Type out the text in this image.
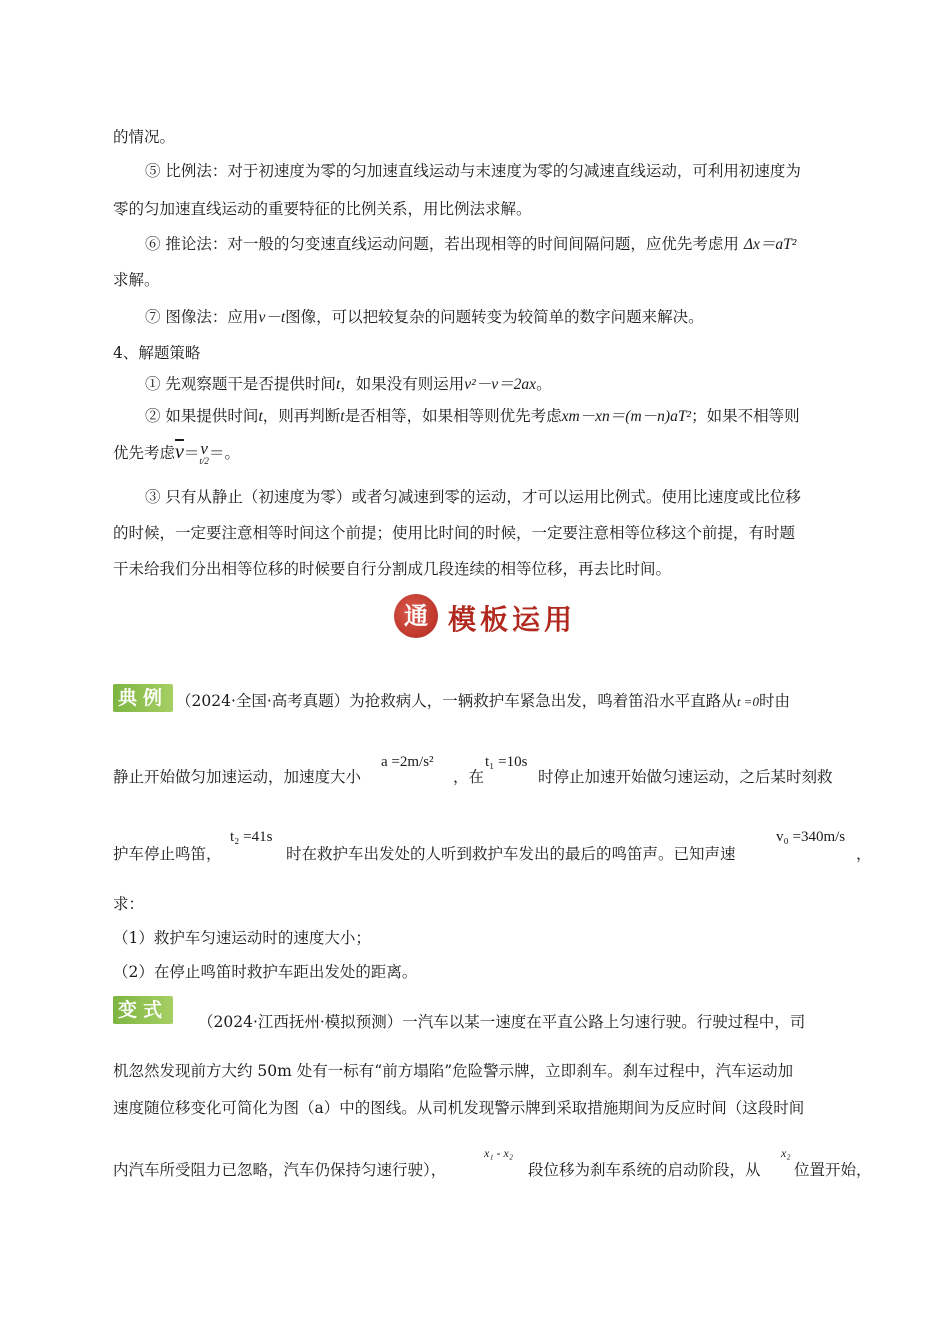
的情况。
⑤ 比例法：对于初速度为零的匀加速直线运动与末速度为零的匀减速直线运动，可利用初速度为
零的匀加速直线运动的重要特征的比例关系，用比例法求解。
⑥ 推论法：对一般的匀变速直线运动问题，若出现相等的时间间隔问题，应优先考虑用 Δx＝aT²
求解。
⑦ 图像法：应用v－t图像，可以把较复杂的问题转变为较简单的数字问题来解决。
4、解题策略
① 先观察题干是否提供时间t，如果没有则运用v²－v＝2ax。
② 如果提供时间t，则再判断t是否相等，如果相等则优先考虑xm－xn＝(m－n)aT²；如果不相等则
优先考虑$\overline{v}= v$
t/2 ＝。
③ 只有从静止（初速度为零）或者匀减速到零的运动，才可以运用比例式。使用比速度或比位移
的时候，一定要注意相等时间这个前提；使用比时间的时候，一定要注意相等位移这个前提，有时题
干未给我们分出相等位移的时候要自行分割成几段连续的相等位移，再去比时间。
通 模板运用
典例 （2024·全国·高考真题）为抢救病人，一辆救护车紧急出发，鸣着笛沿水平直路从t =0时由
静止开始做匀加速运动，加速度大小
a =2m/s²
，在
t₁ =10s
时停止加速开始做匀速运动，之后某时刻救
护车停止鸣笛，
t₂ =41s
时在救护车出发处的人听到救护车发出的最后的鸣笛声。已知声速
v₀ =340m/s
，
求：
（1）救护车匀速运动时的速度大小；
（2）在停止鸣笛时救护车距出发处的距离。
变式
（2024·江西抚州·模拟预测）一汽车以某一速度在平直公路上匀速行驶。行驶过程中，司
机忽然发现前方大约 50m 处有一标有“前方塌陷”危险警示牌，立即刹车。刹车过程中，汽车运动加
速度随位移变化可简化为图（a）中的图线。从司机发现警示牌到采取措施期间为反应时间（这段时间
内汽车所受阻力已忽略，汽车仍保持匀速行驶），
x₁ - x₂
段位移为刹车系统的启动阶段，从
x₂
位置开始，
